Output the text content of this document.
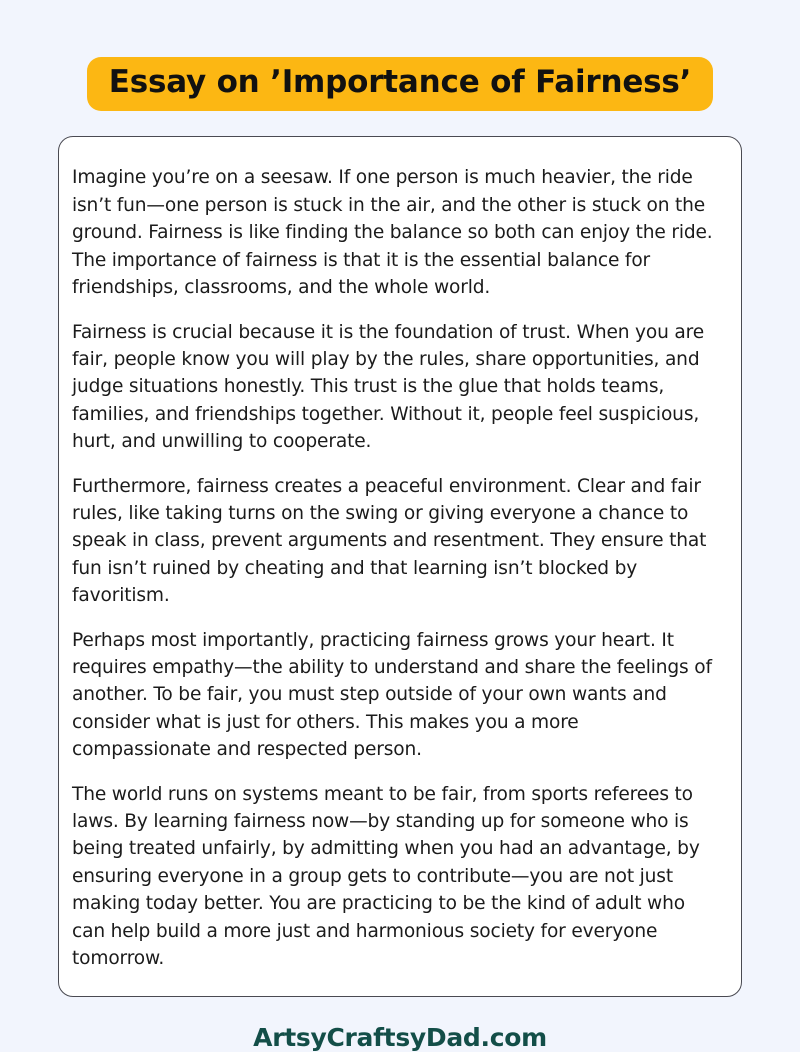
Essay on ’Importance of Fairness’

Imagine you’re on a seesaw. If one person is much heavier, the ride isn’t fun—one person is stuck in the air, and the other is stuck on the ground. Fairness is like finding the balance so both can enjoy the ride. The importance of fairness is that it is the essential balance for friendships, classrooms, and the whole world.

Fairness is crucial because it is the foundation of trust. When you are fair, people know you will play by the rules, share opportunities, and judge situations honestly. This trust is the glue that holds teams, families, and friendships together. Without it, people feel suspicious, hurt, and unwilling to cooperate.

Furthermore, fairness creates a peaceful environment. Clear and fair rules, like taking turns on the swing or giving everyone a chance to speak in class, prevent arguments and resentment. They ensure that fun isn’t ruined by cheating and that learning isn’t blocked by favoritism.

Perhaps most importantly, practicing fairness grows your heart. It requires empathy—the ability to understand and share the feelings of another. To be fair, you must step outside of your own wants and consider what is just for others. This makes you a more compassionate and respected person.

The world runs on systems meant to be fair, from sports referees to laws. By learning fairness now—by standing up for someone who is being treated unfairly, by admitting when you had an advantage, by ensuring everyone in a group gets to contribute—you are not just making today better. You are practicing to be the kind of adult who can help build a more just and harmonious society for everyone tomorrow.

ArtsyCraftsyDad.com
